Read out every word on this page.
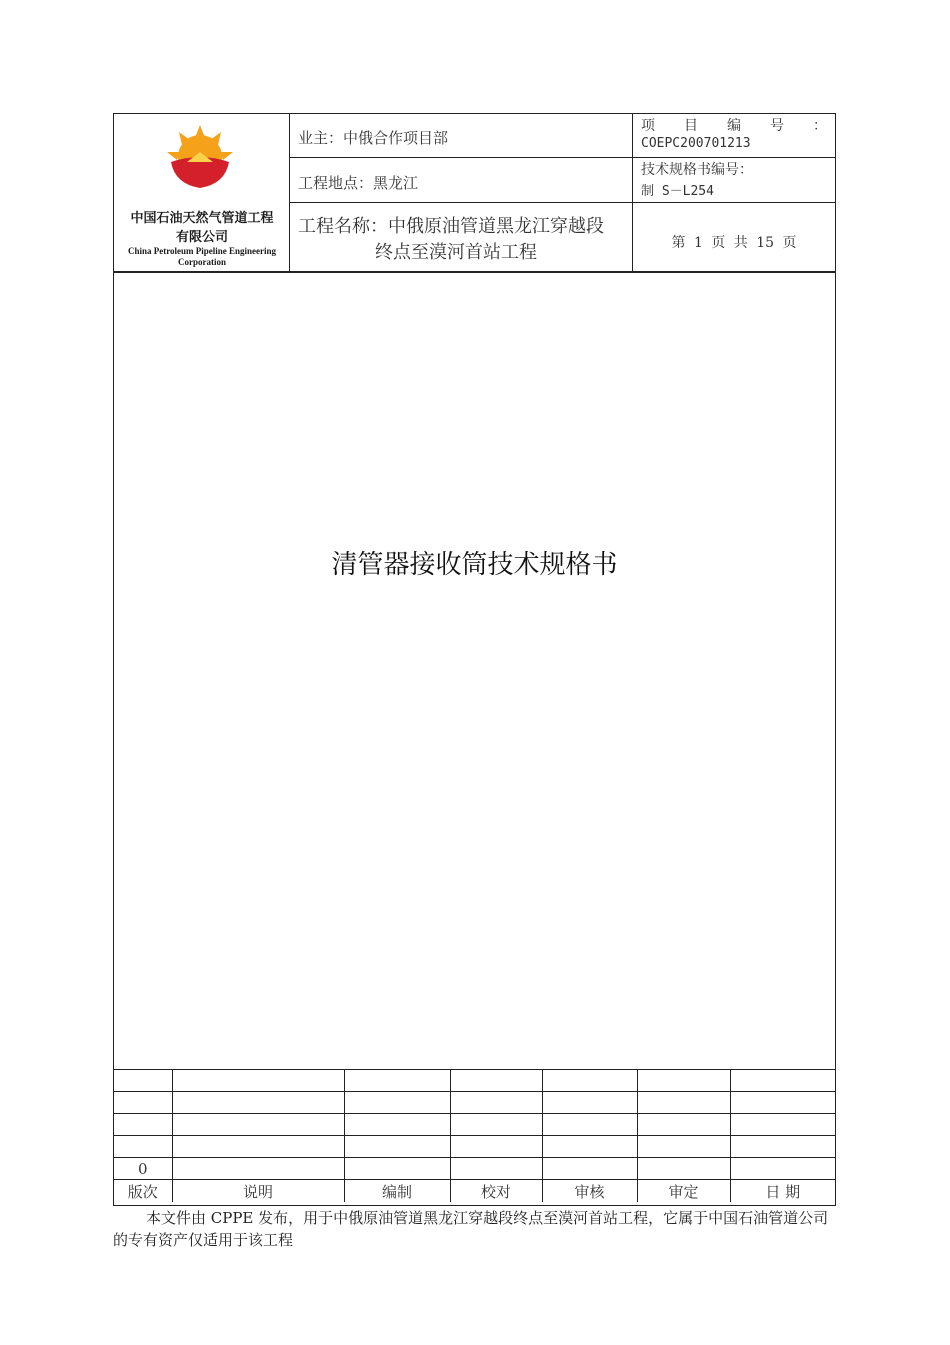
中国石油天然气管道工程
有限公司
China Petroleum Pipeline Engineering
Corporation
业主：中俄合作项目部
工程地点：黑龙江
工程名称：中俄原油管道黑龙江穿越段
终点至漠河首站工程
项 目 编 号 ：
COEPC200701213
技术规格书编号：
制 S－L254
第 1 页 共 15 页
清管器接收筒技术规格书

0						
版次	说明	编制	校对	审核	审定	日 期
本文件由 CPPE 发布，用于中俄原油管道黑龙江穿越段终点至漠河首站工程，它属于中国石油管道公司的专有资产仅适用于该工程
